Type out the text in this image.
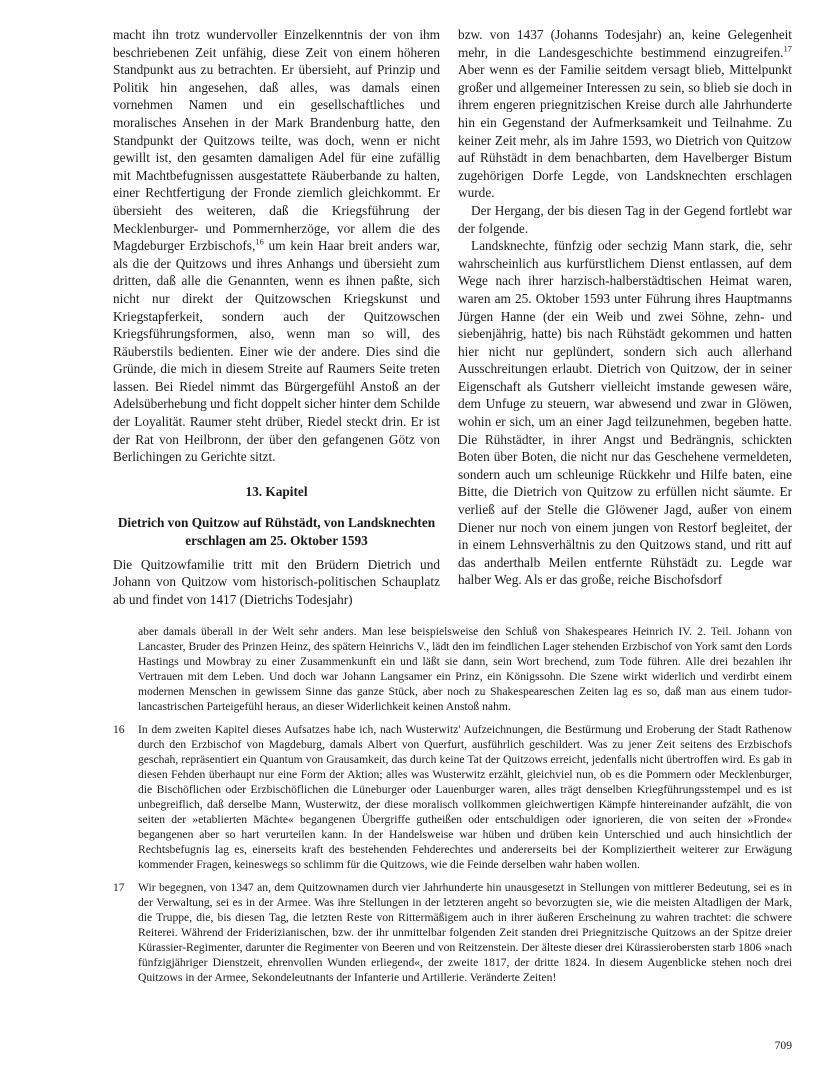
macht ihn trotz wundervoller Einzelkenntnis der von ihm beschriebenen Zeit unfähig, diese Zeit von einem höheren Standpunkt aus zu betrachten. Er übersieht, auf Prinzip und Politik hin angesehen, daß alles, was damals einen vornehmen Namen und ein gesellschaftliches und moralisches Ansehen in der Mark Brandenburg hatte, den Standpunkt der Quitzows teilte, was doch, wenn er nicht gewillt ist, den gesamten damaligen Adel für eine zufällig mit Machtbefugnissen ausgestattete Räuberbande zu halten, einer Rechtfertigung der Fronde ziemlich gleichkommt. Er übersieht des weiteren, daß die Kriegsführung der Mecklenburger- und Pommernherzöge, vor allem die des Magdeburger Erzbischofs,$^{16}$ um kein Haar breit anders war, als die der Quitzows und ihres Anhangs und übersieht zum dritten, daß alle die Genannten, wenn es ihnen paßte, sich nicht nur direkt der Quitzowschen Kriegskunst und Kriegstapferkeit, sondern auch der Quitzowschen Kriegsführungsformen, also, wenn man so will, des Räuberstils bedienten. Einer wie der andere. Dies sind die Gründe, die mich in diesem Streite auf Raumers Seite treten lassen. Bei Riedel nimmt das Bürgergefühl Anstoß an der Adelsüberhebung und ficht doppelt sicher hinter dem Schilde der Loyalität. Raumer steht drüber, Riedel steckt drin. Er ist der Rat von Heilbronn, der über den gefangenen Götz von Berlichingen zu Gerichte sitzt.

13. Kapitel

Dietrich von Quitzow auf Rühstädt, von Landsknechten erschlagen am 25. Oktober 1593

Die Quitzowfamilie tritt mit den Brüdern Dietrich und Johann von Quitzow vom historisch-politischen Schauplatz ab und findet von 1417 (Dietrichs Todesjahr)

bzw. von 1437 (Johanns Todesjahr) an, keine Gelegenheit mehr, in die Landesgeschichte bestimmend einzugreifen.$^{17}$ Aber wenn es der Familie seitdem versagt blieb, Mittelpunkt großer und allgemeiner Interessen zu sein, so blieb sie doch in ihrem engeren priegnitzischen Kreise durch alle Jahrhunderte hin ein Gegenstand der Aufmerksamkeit und Teilnahme. Zu keiner Zeit mehr, als im Jahre 1593, wo Dietrich von Quitzow auf Rühstädt in dem benachbarten, dem Havelberger Bistum zugehörigen Dorfe Legde, von Landsknechten erschlagen wurde.

Der Hergang, der bis diesen Tag in der Gegend fortlebt war der folgende.

Landsknechte, fünfzig oder sechzig Mann stark, die, sehr wahrscheinlich aus kurfürstlichem Dienst entlassen, auf dem Wege nach ihrer harzisch-halberstädtischen Heimat waren, waren am 25. Oktober 1593 unter Führung ihres Hauptmanns Jürgen Hanne (der ein Weib und zwei Söhne, zehn- und siebenjährig, hatte) bis nach Rühstädt gekommen und hatten hier nicht nur geplündert, sondern sich auch allerhand Ausschreitungen erlaubt. Dietrich von Quitzow, der in seiner Eigenschaft als Gutsherr vielleicht imstande gewesen wäre, dem Unfuge zu steuern, war abwesend und zwar in Glöwen, wohin er sich, um an einer Jagd teilzunehmen, begeben hatte. Die Rühstädter, in ihrer Angst und Bedrängnis, schickten Boten über Boten, die nicht nur das Geschehene vermeldeten, sondern auch um schleunige Rückkehr und Hilfe baten, eine Bitte, die Dietrich von Quitzow zu erfüllen nicht säumte. Er verließ auf der Stelle die Glöwener Jagd, außer von einem Diener nur noch von einem jungen von Restorf begleitet, der in einem Lehnsverhältnis zu den Quitzows stand, und ritt auf das anderthalb Meilen entfernte Rühstädt zu. Legde war halber Weg. Als er das große, reiche Bischofsdorf

aber damals überall in der Welt sehr anders. Man lese beispielsweise den Schluß von Shakespeares Heinrich IV. 2. Teil. Johann von Lancaster, Bruder des Prinzen Heinz, des spätern Heinrichs V., lädt den im feindlichen Lager stehenden Erzbischof von York samt den Lords Hastings und Mowbray zu einer Zusammenkunft ein und läßt sie dann, sein Wort brechend, zum Tode führen. Alle drei bezahlen ihr Vertrauen mit dem Leben. Und doch war Johann Langsamer ein Prinz, ein Königssohn. Die Szene wirkt widerlich und verdirbt einem modernen Menschen in gewissem Sinne das ganze Stück, aber noch zu Shakespeareschen Zeiten lag es so, daß man aus einem tudor-lancastrischen Parteigefühl heraus, an dieser Widerlichkeit keinen Anstoß nahm.

16 In dem zweiten Kapitel dieses Aufsatzes habe ich, nach Wusterwitz' Aufzeichnungen, die Bestürmung und Eroberung der Stadt Rathenow durch den Erzbischof von Magdeburg, damals Albert von Querfurt, ausführlich geschildert. Was zu jener Zeit seitens des Erzbischofs geschah, repräsentiert ein Quantum von Grausamkeit, das durch keine Tat der Quitzows erreicht, jedenfalls nicht übertroffen wird. Es gab in diesen Fehden überhaupt nur eine Form der Aktion; alles was Wusterwitz erzählt, gleichviel nun, ob es die Pommern oder Mecklenburger, die Bischöflichen oder Erzbischöflichen die Lüneburger oder Lauenburger waren, alles trägt denselben Kriegführungsstempel und es ist unbegreiflich, daß derselbe Mann, Wusterwitz, der diese moralisch vollkommen gleichwertigen Kämpfe hintereinander aufzählt, die von seiten der »etablierten Mächte« begangenen Übergriffe gutheißen oder entschuldigen oder ignorieren, die von seiten der »Fronde« begangenen aber so hart verurteilen kann. In der Handelsweise war hüben und drüben kein Unterschied und auch hinsichtlich der Rechtsbefugnis lag es, einerseits kraft des bestehenden Fehderechtes und andererseits bei der Kompliziertheit weiterer zur Erwägung kommender Fragen, keineswegs so schlimm für die Quitzows, wie die Feinde derselben wahr haben wollen.

17 Wir begegnen, von 1347 an, dem Quitzownamen durch vier Jahrhunderte hin unausgesetzt in Stellungen von mittlerer Bedeutung, sei es in der Verwaltung, sei es in der Armee. Was ihre Stellungen in der letzteren angeht so bevorzugten sie, wie die meisten Altadligen der Mark, die Truppe, die, bis diesen Tag, die letzten Reste von Rittermäßigem auch in ihrer äußeren Erscheinung zu wahren trachtet: die schwere Reiterei. Während der Friderizianischen, bzw. der ihr unmittelbar folgenden Zeit standen drei Priegnitzische Quitzows an der Spitze dreier Kürassier-Regimenter, darunter die Regimenter von Beeren und von Reitzenstein. Der älteste dieser drei Kürassierobersten starb 1806 »nach fünfzigjähriger Dienstzeit, ehrenvollen Wunden erliegend«, der zweite 1817, der dritte 1824. In diesem Augenblicke stehen noch drei Quitzows in der Armee, Sekondeleutnants der Infanterie und Artillerie. Veränderte Zeiten!

709
